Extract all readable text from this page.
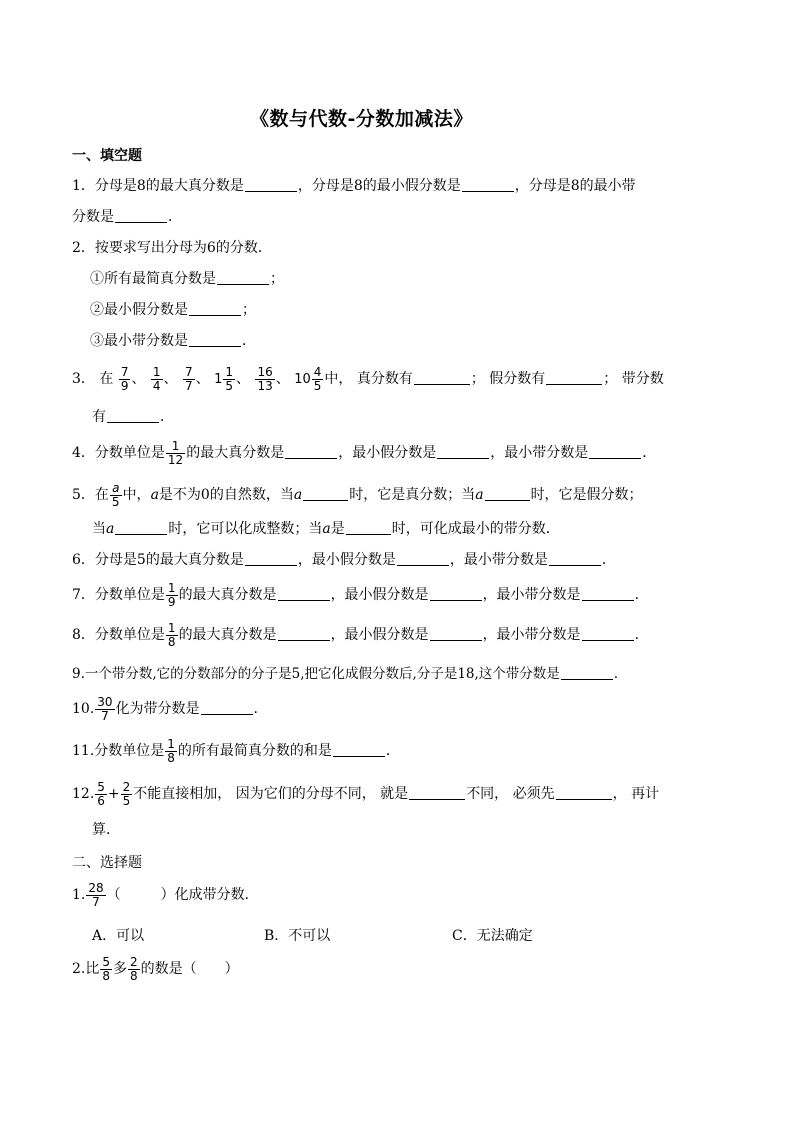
《数与代数-分数加减法》
一、填空题
1．分母是8的最大真分数是	，分母是8的最小假分数是	，分母是8的最小带
分数是	．
2．按要求写出分母为6的分数．
①所有最简真分数是	；
②最小假分数是	；
③最小带分数是	．
3． 在 $\frac{7}{9}$ 、 $\frac{1}{4}$ 、 $\frac{7}{7}$ 、 $1 \frac{1}{5}$ 、 $\frac{16}{13}$ 、 $10 \frac{4}{5}$ 中， 真分数有	； 假分数有	； 带分数
有	．
4．分数单位是 $\frac{1}{12}$ 的最大真分数是	，最小假分数是	，最小带分数是	．
5．在 $\frac{a}{5}$ 中，a是不为0的自然数，当a	时，它是真分数；当a	时，它是假分数；
当a	时，它可以化成整数；当a是	时，可化成最小的带分数．
6．分母是5的最大真分数是	，最小假分数是	，最小带分数是	．
7．分数单位是 $\frac{1}{9}$ 的最大真分数是	，最小假分数是	，最小带分数是	．
8．分数单位是 $\frac{1}{8}$ 的最大真分数是	，最小假分数是	，最小带分数是	．
9.一个带分数,它的分数部分的分子是5,把它化成假分数后,分子是18,这个带分数是	．
10. $\frac{30}{7}$ 化为带分数是	．
11.分数单位是 $\frac{1}{8}$ 的所有最简真分数的和是	．
12. $\frac{5}{6} + \frac{2}{5}$ 不能直接相加， 因为它们的分母不同， 就是	不同， 必须先	， 再计
算．
二、选择题
1. $\frac{28}{7}$ （	）化成带分数．
A．可以	B．不可以	C．无法确定
2.比 $\frac{5}{8}$ 多 $\frac{2}{8}$ 的数是（ ）
